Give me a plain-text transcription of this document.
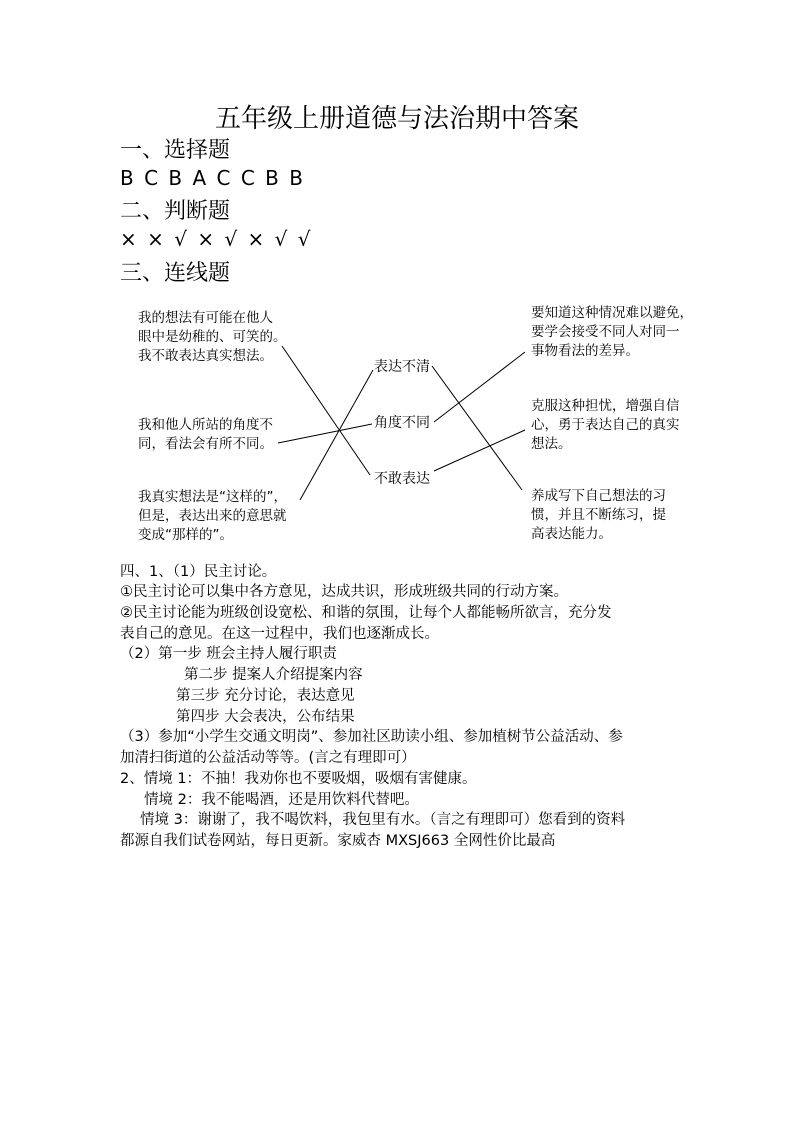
五年级上册道德与法治期中答案
一、选择题
B C B A C C B B
二、判断题
× × √ × √ × √ √
三、连线题
我的想法有可能在他人
眼中是幼稚的、可笑的。
我不敢表达真实想法。
我和他人所站的角度不
同，看法会有所不同。
我真实想法是“这样的”，
但是，表达出来的意思就
变成“那样的”。
表达不清
角度不同
不敢表达
要知道这种情况难以避免，
要学会接受不同人对同一
事物看法的差异。
克服这种担忧，增强自信
心，勇于表达自己的真实
想法。
养成写下自己想法的习
惯，并且不断练习，提
高表达能力。
四、1、（1）民主讨论。
①民主讨论可以集中各方意见，达成共识，形成班级共同的行动方案。
②民主讨论能为班级创设宽松、和谐的氛围，让每个人都能畅所欲言，充分发
表自己的意见。在这一过程中，我们也逐渐成长。
（2）第一步 班会主持人履行职责
第二步 提案人介绍提案内容
第三步 充分讨论，表达意见
第四步 大会表决，公布结果
（3）参加“小学生交通文明岗”、参加社区助读小组、参加植树节公益活动、参
加清扫街道的公益活动等等。(言之有理即可）
2、情境 1：不抽！我劝你也不要吸烟，吸烟有害健康。
情境 2：我不能喝酒，还是用饮料代替吧。
情境 3：谢谢了，我不喝饮料，我包里有水。（言之有理即可）您看到的资料
都源自我们试卷网站，每日更新。家威杏 MXSJ663 全网性价比最高
